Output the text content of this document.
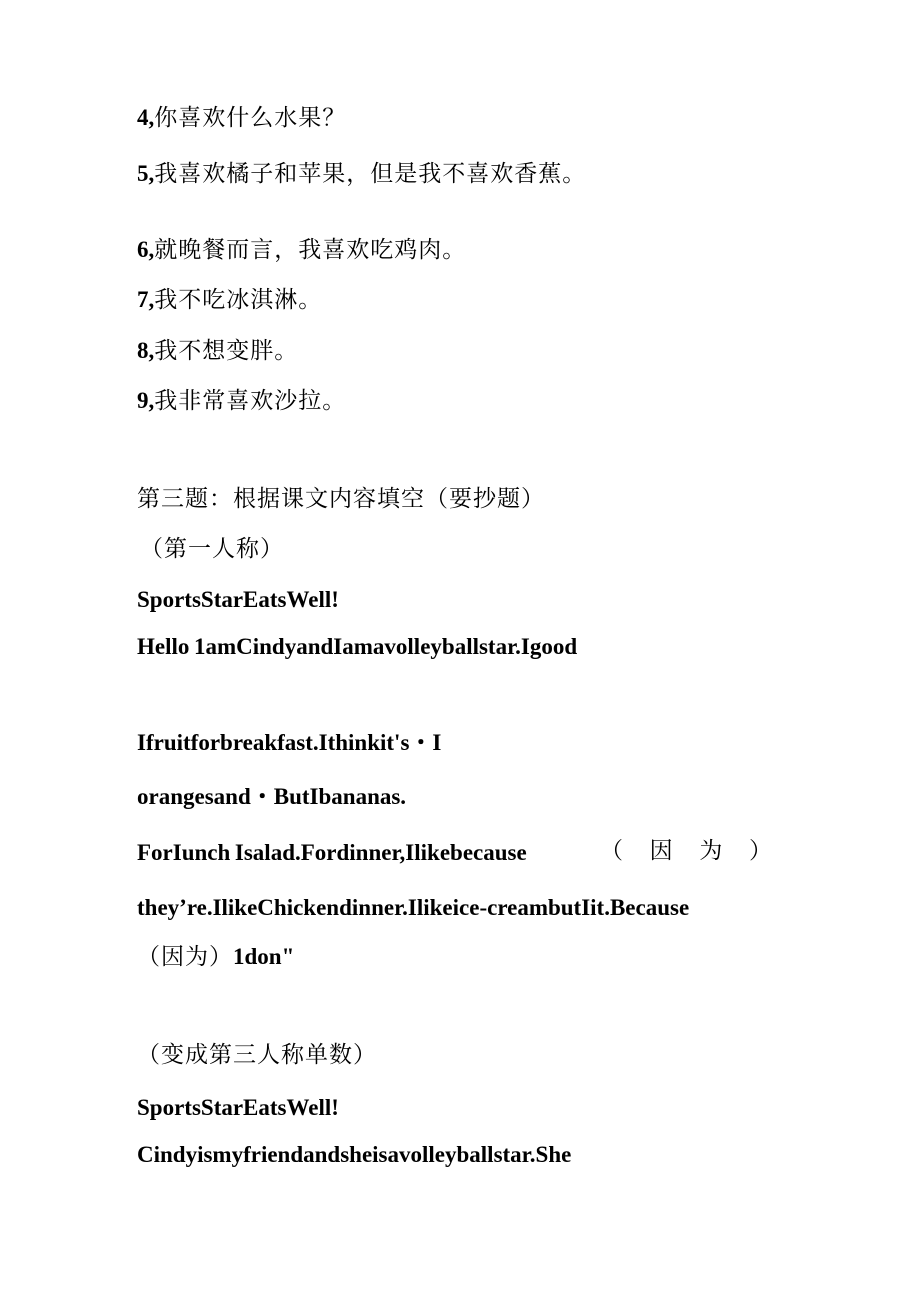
4,你喜欢什么水果？
5,我喜欢橘子和苹果，但是我不喜欢香蕉。
6,就晚餐而言，我喜欢吃鸡肉。
7,我不吃冰淇淋。
8,我不想变胖。
9,我非常喜欢沙拉。
第三题：根据课文内容填空（要抄题）
（第一人称）
SportsStarEatsWell!
Hello 1amCindyandIamavolleyballstar.Igood
Ifruitforbreakfast.Ithinkit's・I
orangesand・ButIbananas.
ForIunch Isalad.Fordinner,Ilikebecause	（ 因 为 ）
they’re.IlikeChickendinner.Ilikeice-creambutIit.Because
（因为）1don"
（变成第三人称单数）
SportsStarEatsWell!
Cindyismyfriendandsheisavolleyballstar.She
